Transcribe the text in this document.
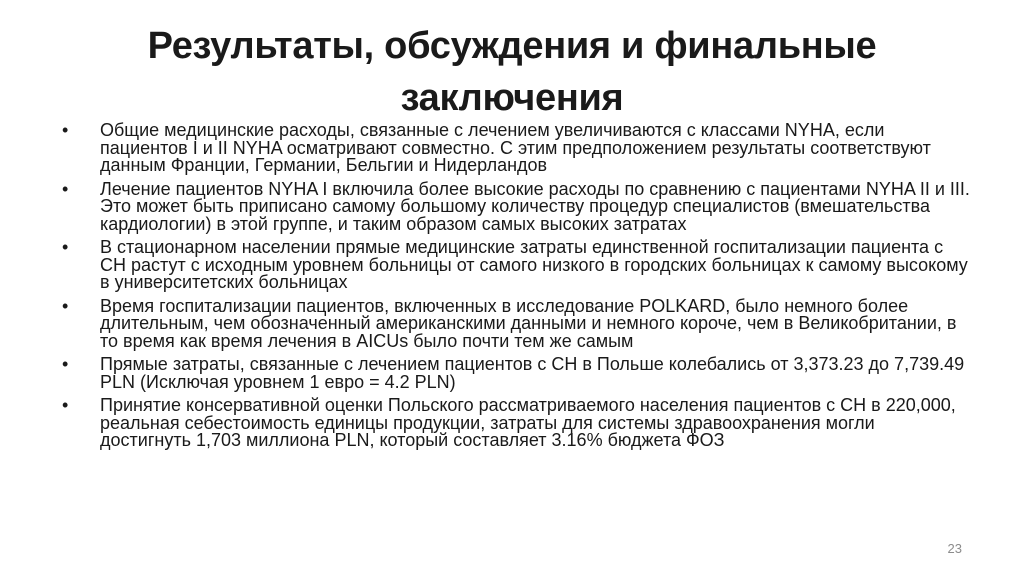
Результаты, обсуждения и финальные заключения
• Общие медицинские расходы, связанные с лечением увеличиваются с классами NYHA, если пациентов I и II NYHA осматривают совместно. С этим предположением результаты соответствуют данным Франции, Германии, Бельгии и Нидерландов
• Лечение пациентов NYHA I включила более высокие расходы по сравнению с пациентами NYHA II и III. Это может быть приписано самому большому количеству процедур специалистов (вмешательства кардиологии) в этой группе, и таким образом самых высоких затратах
• В стационарном населении прямые медицинские затраты единственной госпитализации пациента с СН растут с исходным уровнем больницы от самого низкого в городских больницах к самому высокому в университетских больницах
• Время госпитализации пациентов, включенных в исследование POLKARD, было немного более длительным, чем обозначенный американскими данными и немного короче, чем в Великобритании, в то время как время лечения в AICUs было почти тем же самым
• Прямые затраты, связанные с лечением пациентов с СН в Польше колебались от 3,373.23 до 7,739.49 PLN (Исключая уровнем 1 евро = 4.2 PLN)
• Принятие консервативной оценки Польского рассматриваемого населения пациентов с СН в 220,000, реальная себестоимость единицы продукции, затраты для системы здравоохранения могли достигнуть 1,703 миллиона PLN, который составляет 3.16% бюджета ФОЗ
23
